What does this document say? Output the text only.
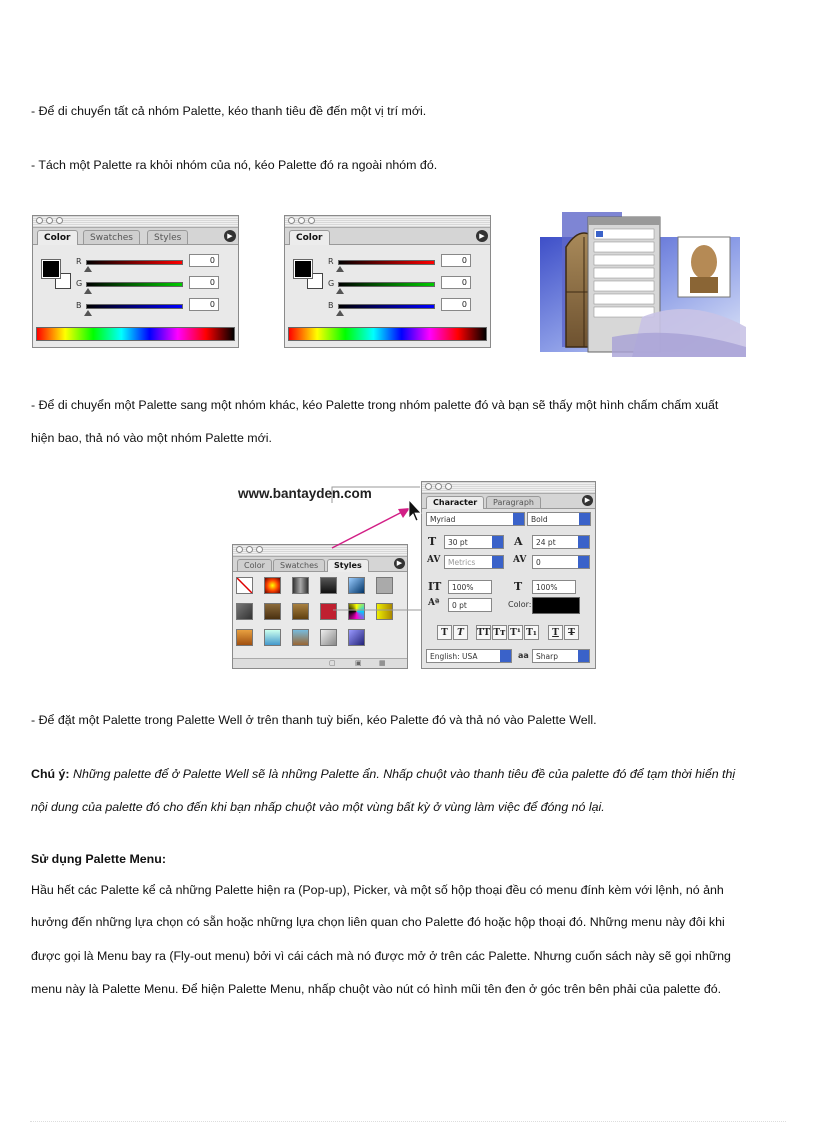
- Để di chuyển tất cả nhóm Palette, kéo thanh tiêu đề đến một vị trí mới.
- Tách một Palette ra khỏi nhóm của nó, kéo Palette đó ra ngoài nhóm đó.
Color	Swatches	Styles	▶
R	0
G	0
B	0
Color	▶
R	0
G	0
B	0
- Để di chuyển một Palette sang một nhóm khác, kéo Palette trong nhóm palette đó và bạn sẽ thấy một hình chấm chấm xuất
hiện bao, thả nó vào một nhóm Palette mới.
www.bantayden.com
Color	Swatches	Styles	▶
▢	▣ ▦
Character	Paragraph	▶
Myriad	Bold
T	30 pt	A	24 pt
AV	Metrics	AV	0
IT	100%	T	100%
Aª	0 pt	Color:
T	T	TT Tт T¹ T₁	T	T
English: USA	aa Sharp
- Để đặt một Palette trong Palette Well ở trên thanh tuỳ biến, kéo Palette đó và thả nó vào Palette Well.
Chú ý: Những palette để ở Palette Well sẽ là những Palette ẩn. Nhấp chuột vào thanh tiêu đề của palette đó để tạm thời hiển thị
nội dung của palette đó cho đến khi bạn nhấp chuột vào một vùng bất kỳ ở vùng làm việc để đóng nó lại.
Sử dụng Palette Menu:
Hầu hết các Palette kể cả những Palette hiện ra (Pop-up), Picker, và một số hộp thoại đều có menu đính kèm với lệnh, nó ảnh
hưởng đến những lựa chọn có sẵn hoặc những lựa chọn liên quan cho Palette đó hoặc hộp thoại đó. Những menu này đôi khi
được gọi là Menu bay ra (Fly-out menu) bởi vì cái cách mà nó được mở ở trên các Palette. Nhưng cuốn sách này sẽ gọi những
menu này là Palette Menu. Để hiện Palette Menu, nhấp chuột vào nút có hình mũi tên đen ở góc trên bên phải của palette đó.
